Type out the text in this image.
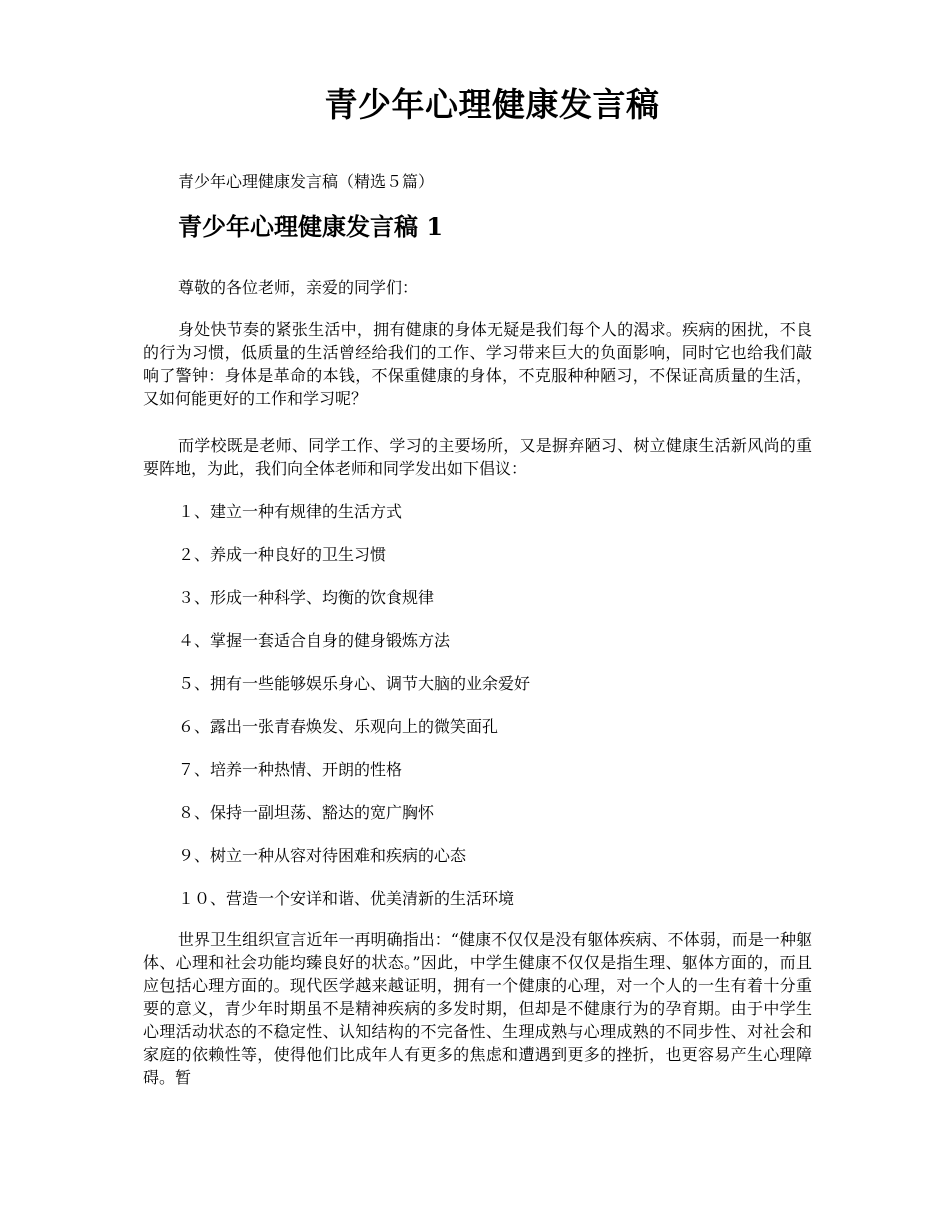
青少年心理健康发言稿

青少年心理健康发言稿（精选５篇）

青少年心理健康发言稿 1

尊敬的各位老师，亲爱的同学们：

身处快节奏的紧张生活中，拥有健康的身体无疑是我们每个人的渴求。疾病的困扰，不良的行为习惯，低质量的生活曾经给我们的工作、学习带来巨大的负面影响，同时它也给我们敲响了警钟：身体是革命的本钱，不保重健康的身体，不克服种种陋习，不保证高质量的生活，又如何能更好的工作和学习呢？

而学校既是老师、同学工作、学习的主要场所，又是摒弃陋习、树立健康生活新风尚的重要阵地，为此，我们向全体老师和同学发出如下倡议：

１、建立一种有规律的生活方式
２、养成一种良好的卫生习惯
３、形成一种科学、均衡的饮食规律
４、掌握一套适合自身的健身锻炼方法
５、拥有一些能够娱乐身心、调节大脑的业余爱好
６、露出一张青春焕发、乐观向上的微笑面孔
７、培养一种热情、开朗的性格
８、保持一副坦荡、豁达的宽广胸怀
９、树立一种从容对待困难和疾病的心态
１０、营造一个安详和谐、优美清新的生活环境

世界卫生组织宣言近年一再明确指出：“健康不仅仅是没有躯体疾病、不体弱，而是一种躯体、心理和社会功能均臻良好的状态。”因此，中学生健康不仅仅是指生理、躯体方面的，而且应包括心理方面的。现代医学越来越证明，拥有一个健康的心理，对一个人的一生有着十分重要的意义，青少年时期虽不是精神疾病的多发时期，但却是不健康行为的孕育期。由于中学生心理活动状态的不稳定性、认知结构的不完备性、生理成熟与心理成熟的不同步性、对社会和家庭的依赖性等，使得他们比成年人有更多的焦虑和遭遇到更多的挫折，也更容易产生心理障碍。暂
